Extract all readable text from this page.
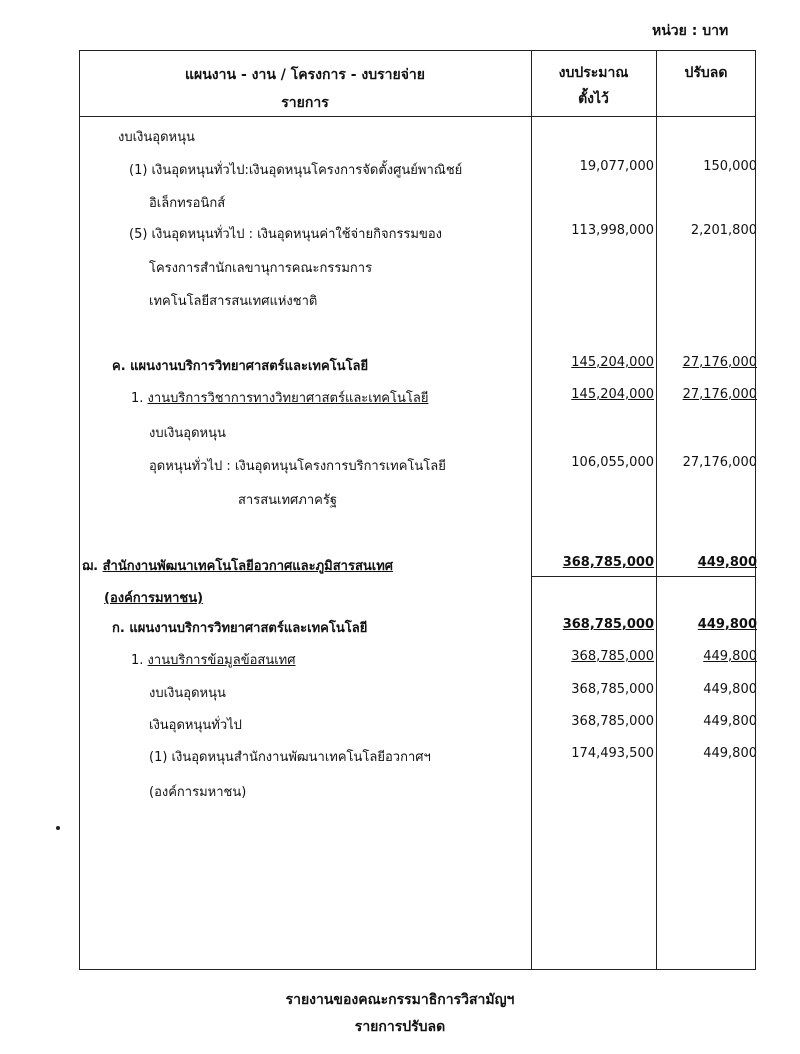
หน่วย : บาท
แผนงาน - งาน / โครงการ - งบรายจ่าย
รายการ
งบประมาณ
ตั้งไว้
ปรับลด
งบเงินอุดหนุน
(1) เงินอุดหนุนทั่วไป:เงินอุดหนุนโครงการจัดตั้งศูนย์พาณิชย์	19,077,000	150,000
อิเล็กทรอนิกส์
(5) เงินอุดหนุนทั่วไป : เงินอุดหนุนค่าใช้จ่ายกิจกรรมของ	113,998,000	2,201,800
โครงการสำนักเลขานุการคณะกรรมการ
เทคโนโลยีสารสนเทศแห่งชาติ
ค. แผนงานบริการวิทยาศาสตร์และเทคโนโลยี	145,204,000 27,176,000
1. งานบริการวิชาการทางวิทยาศาสตร์และเทคโนโลยี	145,204,000 27,176,000
งบเงินอุดหนุน
อุดหนุนทั่วไป : เงินอุดหนุนโครงการบริการเทคโนโลยี	106,055,000 27,176,000
สารสนเทศภาครัฐ
ฌ. สำนักงานพัฒนาเทคโนโลยีอวกาศและภูมิสารสนเทศ	368,785,000	449,800
(องค์การมหาชน)
ก. แผนงานบริการวิทยาศาสตร์และเทคโนโลยี	368,785,000	449,800
1. งานบริการข้อมูลข้อสนเทศ	368,785,000	449,800
งบเงินอุดหนุน	368,785,000	449,800
เงินอุดหนุนทั่วไป	368,785,000	449,800
(1) เงินอุดหนุนสำนักงานพัฒนาเทคโนโลยีอวกาศฯ	174,493,500	449,800
(องค์การมหาชน)
รายงานของคณะกรรมาธิการวิสามัญฯ
รายการปรับลด
